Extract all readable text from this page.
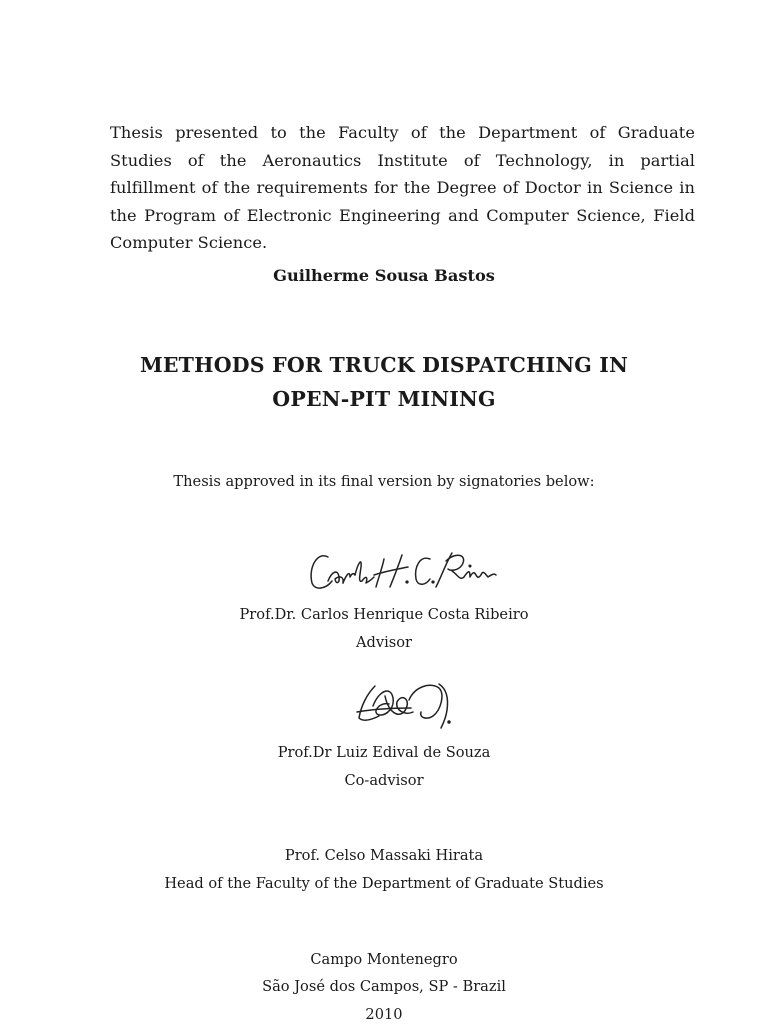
Thesis presented to the Faculty of the Department of Graduate Studies of the Aeronautics Institute of Technology, in partial fulfillment of the requirements for the Degree of Doctor in Science in the Program of Electronic Engineering and Computer Science, Field Computer Science.

Guilherme Sousa Bastos
METHODS FOR TRUCK DISPATCHING IN
OPEN-PIT MINING
Thesis approved in its final version by signatories below:
Prof.Dr. Carlos Henrique Costa Ribeiro
Advisor
Prof.Dr Luiz Edival de Souza
Co-advisor
Prof. Celso Massaki Hirata
Head of the Faculty of the Department of Graduate Studies
Campo Montenegro
São José dos Campos, SP - Brazil
2010
